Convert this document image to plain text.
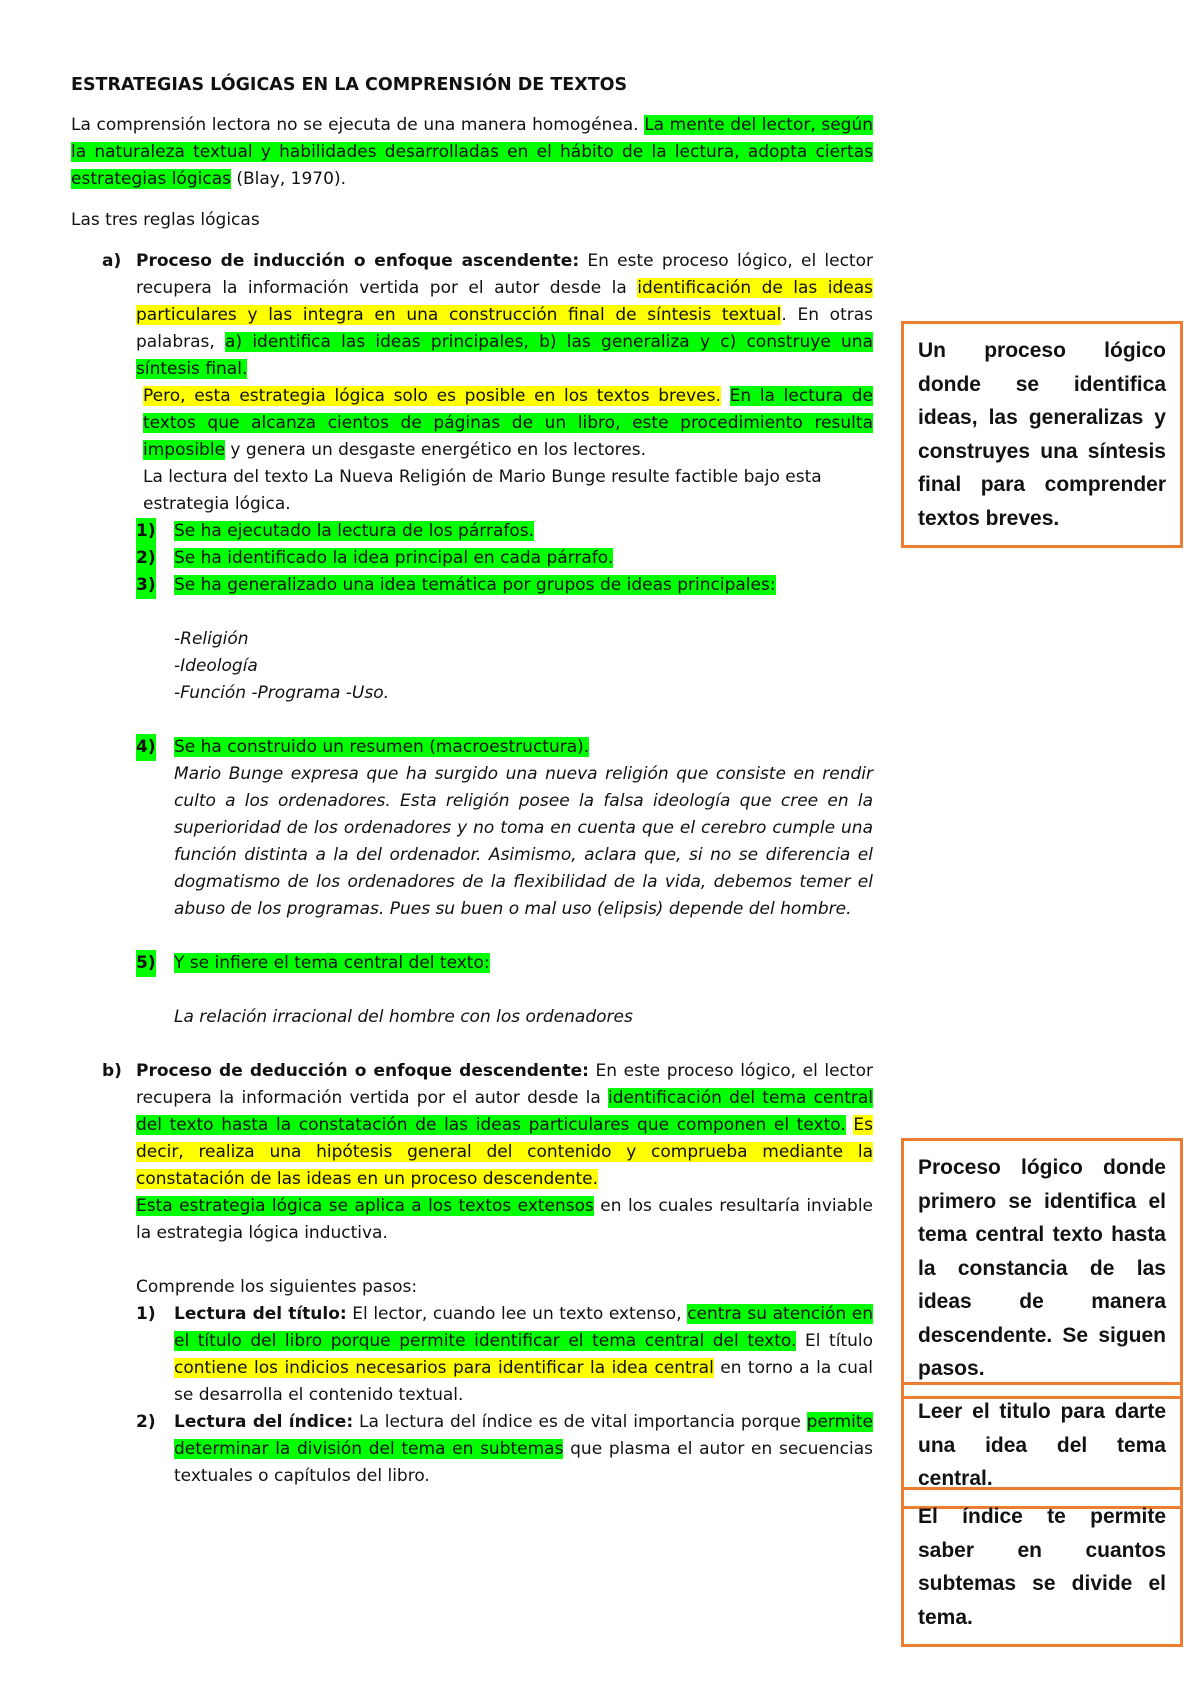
ESTRATEGIAS LÓGICAS EN LA COMPRENSIÓN DE TEXTOS

La comprensión lectora no se ejecuta de una manera homogénea. La mente del lector, según la naturaleza textual y habilidades desarrolladas en el hábito de la lectura, adopta ciertas estrategias lógicas (Blay, 1970).

Las tres reglas lógicas

a) Proceso de inducción o enfoque ascendente: En este proceso lógico, el lector recupera la información vertida por el autor desde la identificación de las ideas particulares y las integra en una construcción final de síntesis textual. En otras palabras, a) identifica las ideas principales, b) las generaliza y c) construye una síntesis final.

Pero, esta estrategia lógica solo es posible en los textos breves. En la lectura de textos que alcanza cientos de páginas de un libro, este procedimiento resulta imposible y genera un desgaste energético en los lectores.

La lectura del texto La Nueva Religión de Mario Bunge resulte factible bajo esta estrategia lógica.

1) Se ha ejecutado la lectura de los párrafos.
2) Se ha identificado la idea principal en cada párrafo.
3) Se ha generalizado una idea temática por grupos de ideas principales:

-Religión

-Ideología

-Función -Programa -Uso.

4) Se ha construido un resumen (macroestructura).

Mario Bunge expresa que ha surgido una nueva religión que consiste en rendir culto a los ordenadores. Esta religión posee la falsa ideología que cree en la superioridad de los ordenadores y no toma en cuenta que el cerebro cumple una función distinta a la del ordenador. Asimismo, aclara que, si no se diferencia el dogmatismo de los ordenadores de la flexibilidad de la vida, debemos temer el abuso de los programas. Pues su buen o mal uso (elipsis) depende del hombre.

5) Y se infiere el tema central del texto:

La relación irracional del hombre con los ordenadores

b) Proceso de deducción o enfoque descendente: En este proceso lógico, el lector recupera la información vertida por el autor desde la identificación del tema central del texto hasta la constatación de las ideas particulares que componen el texto. Es decir, realiza una hipótesis general del contenido y comprueba mediante la constatación de las ideas en un proceso descendente.

Esta estrategia lógica se aplica a los textos extensos en los cuales resultaría inviable la estrategia lógica inductiva.

Comprende los siguientes pasos:

1) Lectura del título: El lector, cuando lee un texto extenso, centra su atención en el título del libro porque permite identificar el tema central del texto. El título contiene los indicios necesarios para identificar la idea central en torno a la cual se desarrolla el contenido textual.
2) Lectura del índice: La lectura del índice es de vital importancia porque permite determinar la división del tema en subtemas que plasma el autor en secuencias textuales o capítulos del libro.
Un proceso lógico donde se identifica ideas, las generalizas y construyes una síntesis final para comprender textos breves.
Proceso lógico donde primero se identifica el tema central texto hasta la constancia de las ideas de manera descendente. Se siguen pasos.
Leer el titulo para darte una idea del tema central.
El índice te permite saber en cuantos subtemas se divide el tema.
